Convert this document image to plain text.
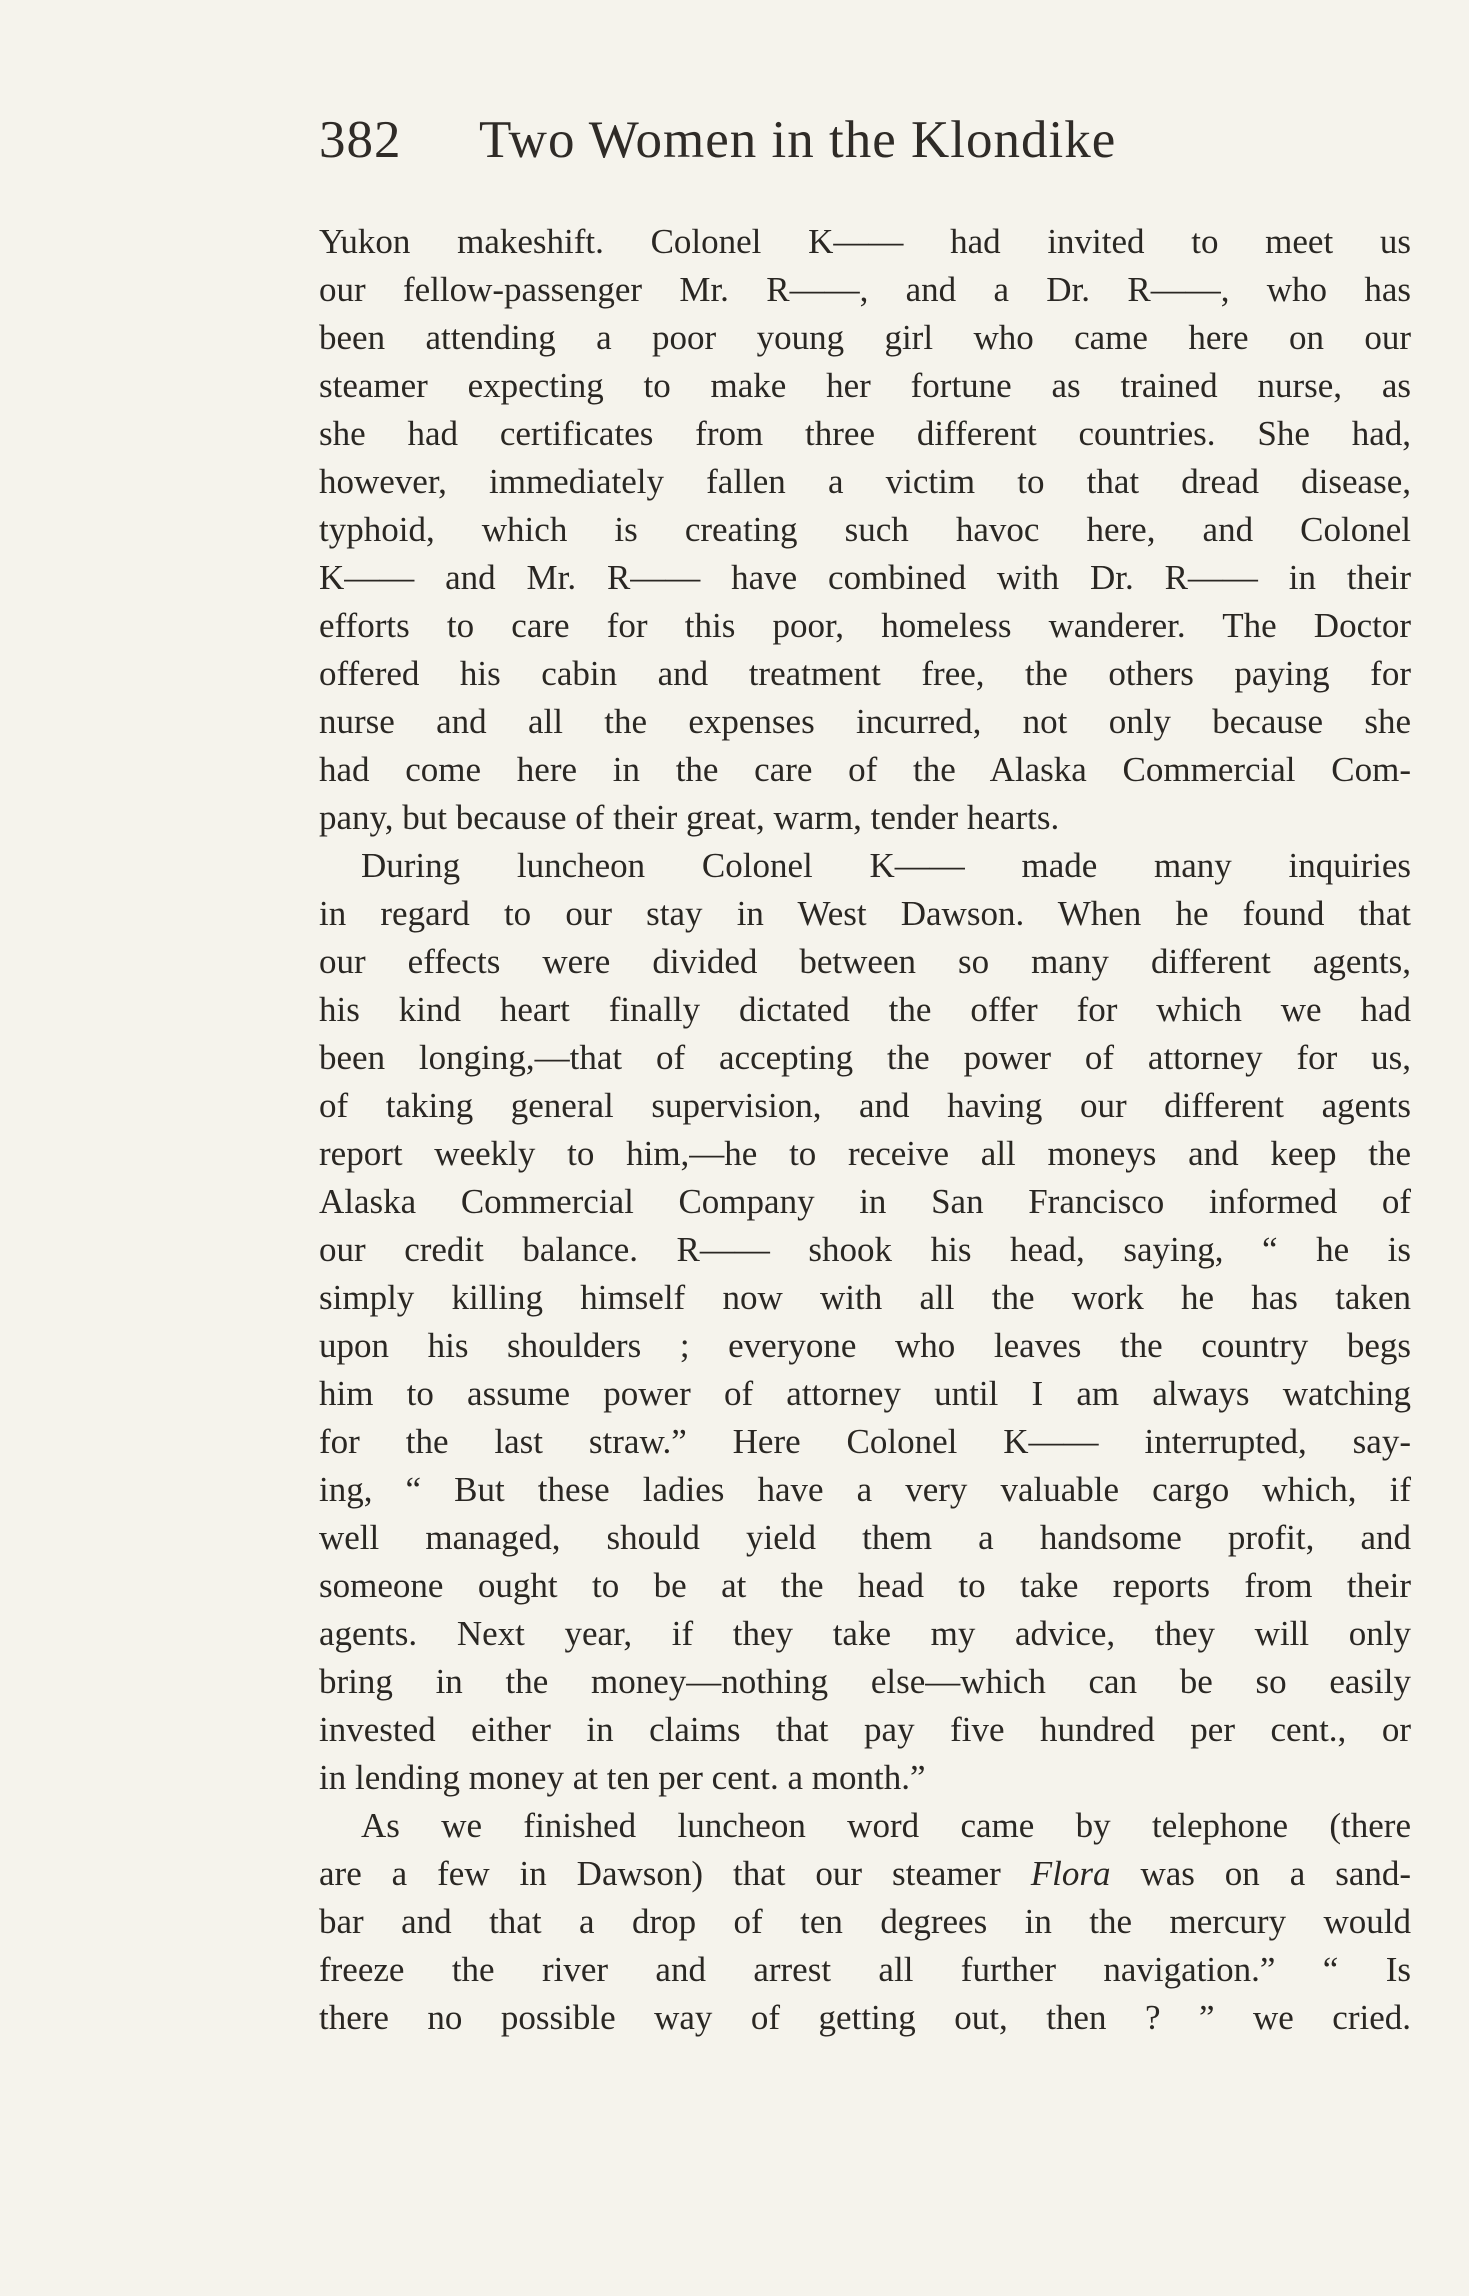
382 Two Women in the Klondike
Yukon makeshift. Colonel K—— had invited to meet us
our fellow-passenger Mr. R——, and a Dr. R——, who has
been attending a poor young girl who came here on our
steamer expecting to make her fortune as trained nurse, as
she had certificates from three different countries. She had,
however, immediately fallen a victim to that dread disease,
typhoid, which is creating such havoc here, and Colonel
K—— and Mr. R—— have combined with Dr. R—— in their
efforts to care for this poor, homeless wanderer. The Doctor
offered his cabin and treatment free, the others paying for
nurse and all the expenses incurred, not only because she
had come here in the care of the Alaska Commercial Com-
pany, but because of their great, warm, tender hearts.
During luncheon Colonel K—— made many inquiries
in regard to our stay in West Dawson. When he found that
our effects were divided between so many different agents,
his kind heart finally dictated the offer for which we had
been longing,—that of accepting the power of attorney for us,
of taking general supervision, and having our different agents
report weekly to him,—he to receive all moneys and keep the
Alaska Commercial Company in San Francisco informed of
our credit balance. R—— shook his head, saying, “ he is
simply killing himself now with all the work he has taken
upon his shoulders ; everyone who leaves the country begs
him to assume power of attorney until I am always watching
for the last straw.” Here Colonel K—— interrupted, say-
ing, “ But these ladies have a very valuable cargo which, if
well managed, should yield them a handsome profit, and
someone ought to be at the head to take reports from their
agents. Next year, if they take my advice, they will only
bring in the money—nothing else—which can be so easily
invested either in claims that pay five hundred per cent., or
in lending money at ten per cent. a month.”
As we finished luncheon word came by telephone (there
are a few in Dawson) that our steamer Flora was on a sand-
bar and that a drop of ten degrees in the mercury would
freeze the river and arrest all further navigation.” “ Is
there no possible way of getting out, then ? ” we cried.
